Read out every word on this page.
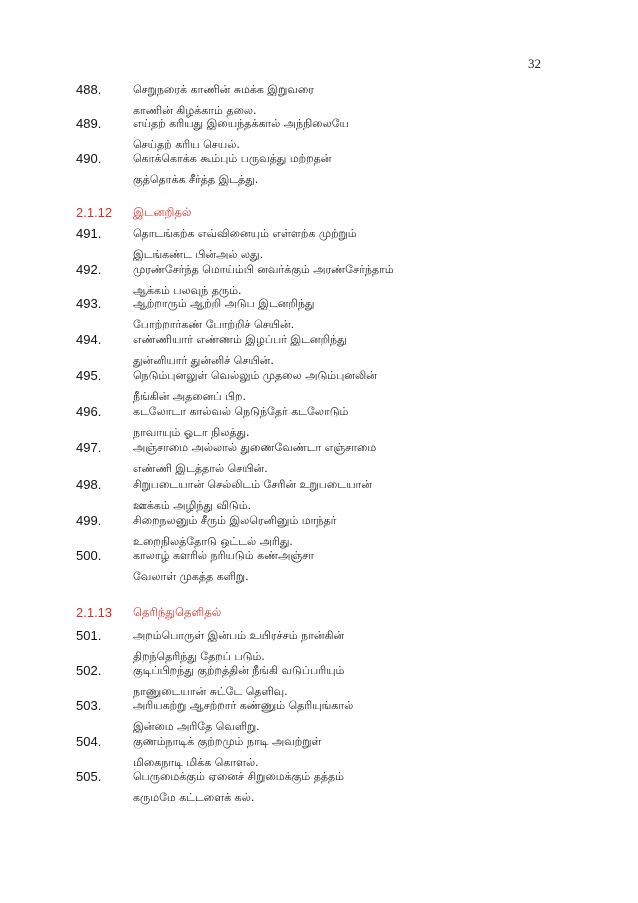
32
488.	செறுநரைக் காணின் சுமக்க இறுவரை
காணின் கிழக்காம் தலை.
489.	எய்தற் கரியது இயைந்தக்கால் அந்நிலையே
செய்தற் கரிய செயல்.
490.	கொக்கொக்க கூம்பும் பருவத்து மற்றதன்
குத்தொக்க சீர்த்த இடத்து.
2.1.12 இடனறிதல்
491.	தொடங்கற்க எவ்வினையும் எள்ளற்க முற்றும்
இடங்கண்ட பின்அல் லது.
492.	முரண்சேர்ந்த மொய்ம்பி னவர்க்கும் அரண்சேர்ந்தாம்
ஆக்கம் பலவுந் தரும்.
493.	ஆற்றாரும் ஆற்றி அடுப இடனறிந்து
போற்றார்கண் போற்றிச் செயின்.
494.	எண்ணியார் எண்ணம் இழப்பர் இடனறிந்து
துன்னியார் துன்னிச் செயின்.
495.	நெடும்புனலுள் வெல்லும் முதலை அடும்புனலின்
நீங்கின் அதனைப் பிற.
496.	கடலோடா கால்வல் நெடுந்தேர் கடலோடும்
நாவாயும் ஓடா நிலத்து.
497.	அஞ்சாமை அல்லால் துணைவேண்டா எஞ்சாமை
எண்ணி இடத்தால் செயின்.
498.	சிறுபடையான் செல்லிடம் சேரின் உறுபடையான்
ஊக்கம் அழிந்து விடும்.
499.	சிறைநலனும் சீரும் இலரெனினும் மாந்தர்
உறைநிலத்தோடு ஒட்டல் அரிது.
500.	காலாழ் களரில் நரியடும் கண்அஞ்சா
வேலாள் முகத்த களிறு.
2.1.13 தெரிந்துதெளிதல்
501.	அறம்பொருள் இன்பம் உயிரச்சம் நான்கின்
திறந்தெரிந்து தேறப் படும்.
502.	குடிப்பிறந்து குற்றத்தின் நீங்கி வடுப்பரியும்
நாணுடையான் சுட்டே தெளிவு.
503.	அரியகற்று ஆசற்றார் கண்ணும் தெரியுங்கால்
இன்மை அரிதே வெளிறு.
504.	குணம்நாடிக் குற்றமும் நாடி அவற்றுள்
மிகைநாடி மிக்க கொளல்.
505.	பெருமைக்கும் ஏனைச் சிறுமைக்கும் தத்தம்
கருமமே கட்டளைக் கல்.
